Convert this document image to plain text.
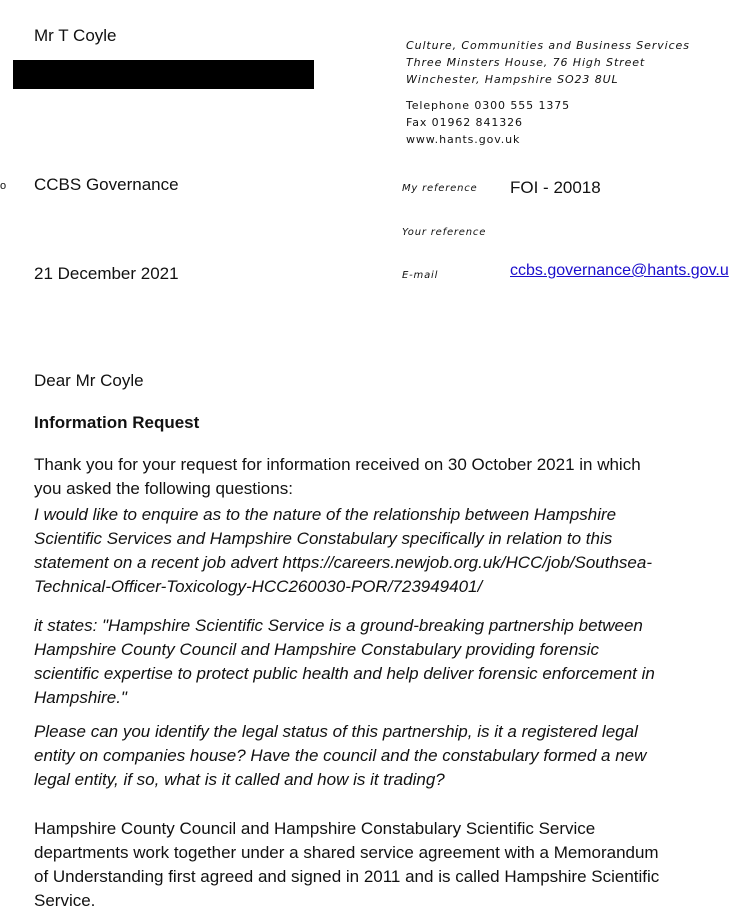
Mr T Coyle
o
Culture, Communities and Business Services
Three Minsters House, 76 High Street
Winchester, Hampshire SO23 8UL
Telephone 0300 555 1375
Fax 01962 841326
www.hants.gov.uk
CCBS Governance
21 December 2021
My reference FOI - 20018
Your reference
E-mail	ccbs.governance@hants.gov.u
Dear Mr Coyle
Information Request
Thank you for your request for information received on 30 October 2021 in which
you asked the following questions:
I would like to enquire as to the nature of the relationship between Hampshire
Scientific Services and Hampshire Constabulary specifically in relation to this
statement on a recent job advert https://careers.newjob.org.uk/HCC/job/Southsea-
Technical-Officer-Toxicology-HCC260030-POR/723949401/
it states: "Hampshire Scientific Service is a ground-breaking partnership between
Hampshire County Council and Hampshire Constabulary providing forensic
scientific expertise to protect public health and help deliver forensic enforcement in
Hampshire."
Please can you identify the legal status of this partnership, is it a registered legal
entity on companies house? Have the council and the constabulary formed a new
legal entity, if so, what is it called and how is it trading?
Hampshire County Council and Hampshire Constabulary Scientific Service
departments work together under a shared service agreement with a Memorandum
of Understanding first agreed and signed in 2011 and is called Hampshire Scientific
Service.
